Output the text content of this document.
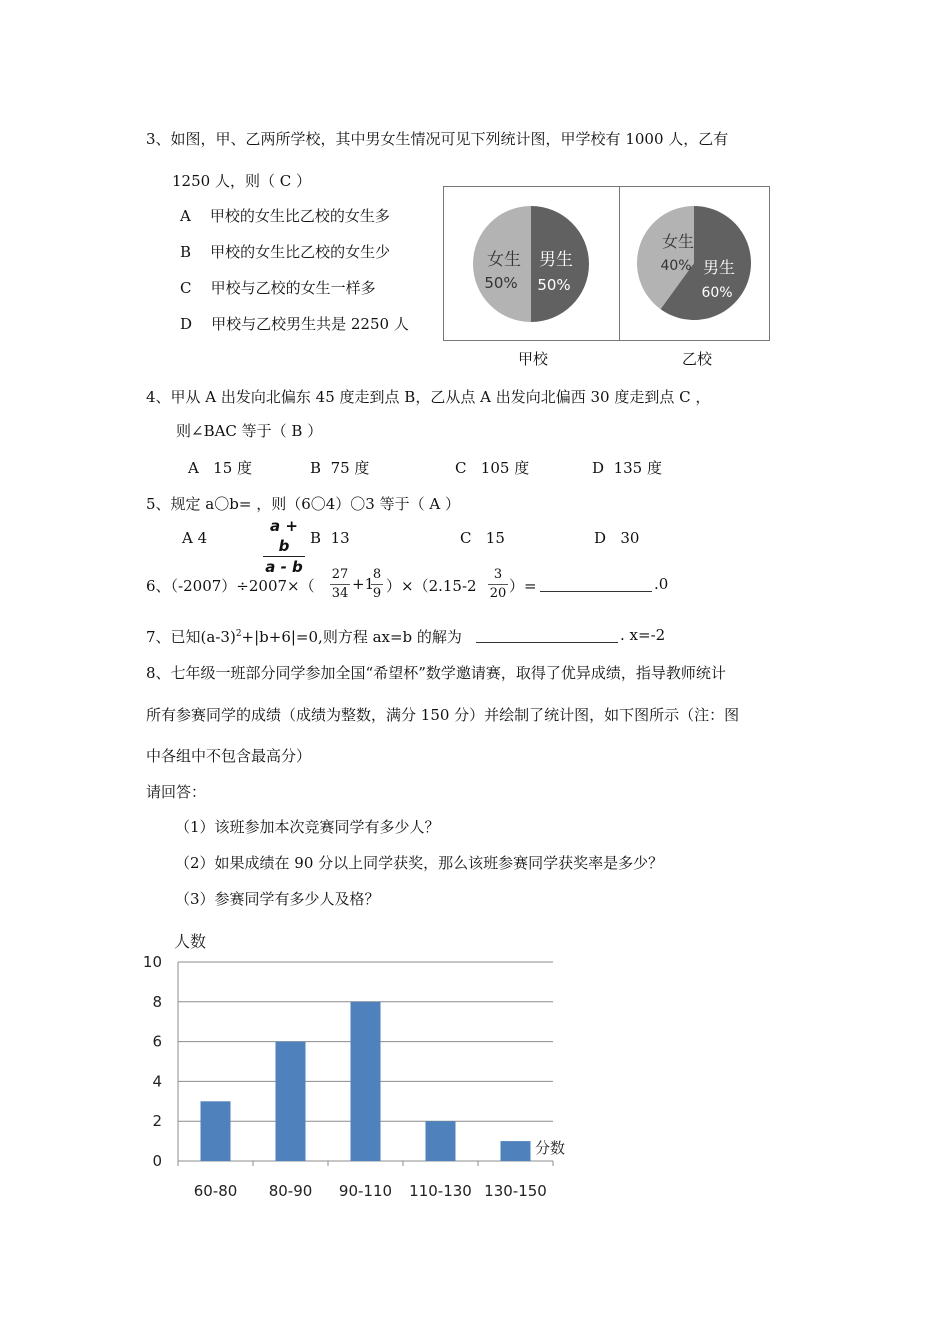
3、如图，甲、乙两所学校，其中男女生情况可见下列统计图，甲学校有 1000 人，乙有
1250 人，则（ C ）
A 甲校的女生比乙校的女生多
B 甲校的女生比乙校的女生少
C 甲校与乙校的女生一样多
D 甲校与乙校男生共是 2250 人
女生
50%
男生
50%
女生
40% 男生
60%
甲校	乙校
4、甲从 A 出发向北偏东 45 度走到点 B，乙从点 A 出发向北偏西 30 度走到点 C ，
则∠BAC 等于（ B ）
A 15 度	B 75 度	C 105 度	D 135 度
5、规定 a〇b= ，则（6〇4）〇3 等于（ A ）
$\frac{a + b}{a - b}$
A 4	B 13	C 15	D 30
6、$(-2007)\div 2007\times( \frac{27}{34} +1$
$\frac{8}{9} )\times(2.15-2 \frac{3}{20}$ ）=	.0
7、已知$(a-3)^2+|b+6|=0$,则方程 ax=b 的解为	. x=-2
8、七年级一班部分同学参加全国“希望杯”数学邀请赛，取得了优异成绩，指导教师统计
所有参赛同学的成绩（成绩为整数，满分 150 分）并绘制了统计图，如下图所示（注：图
中各组中不包含最高分）
请回答：
（1）该班参加本次竞赛同学有多少人？
（2）如果成绩在 90 分以上同学获奖，那么该班参赛同学获奖率是多少？
（3）参赛同学有多少人及格？
0
2
4
6
8
10
60-80 80-90 90-110 110-130 130-150
人数
分数
